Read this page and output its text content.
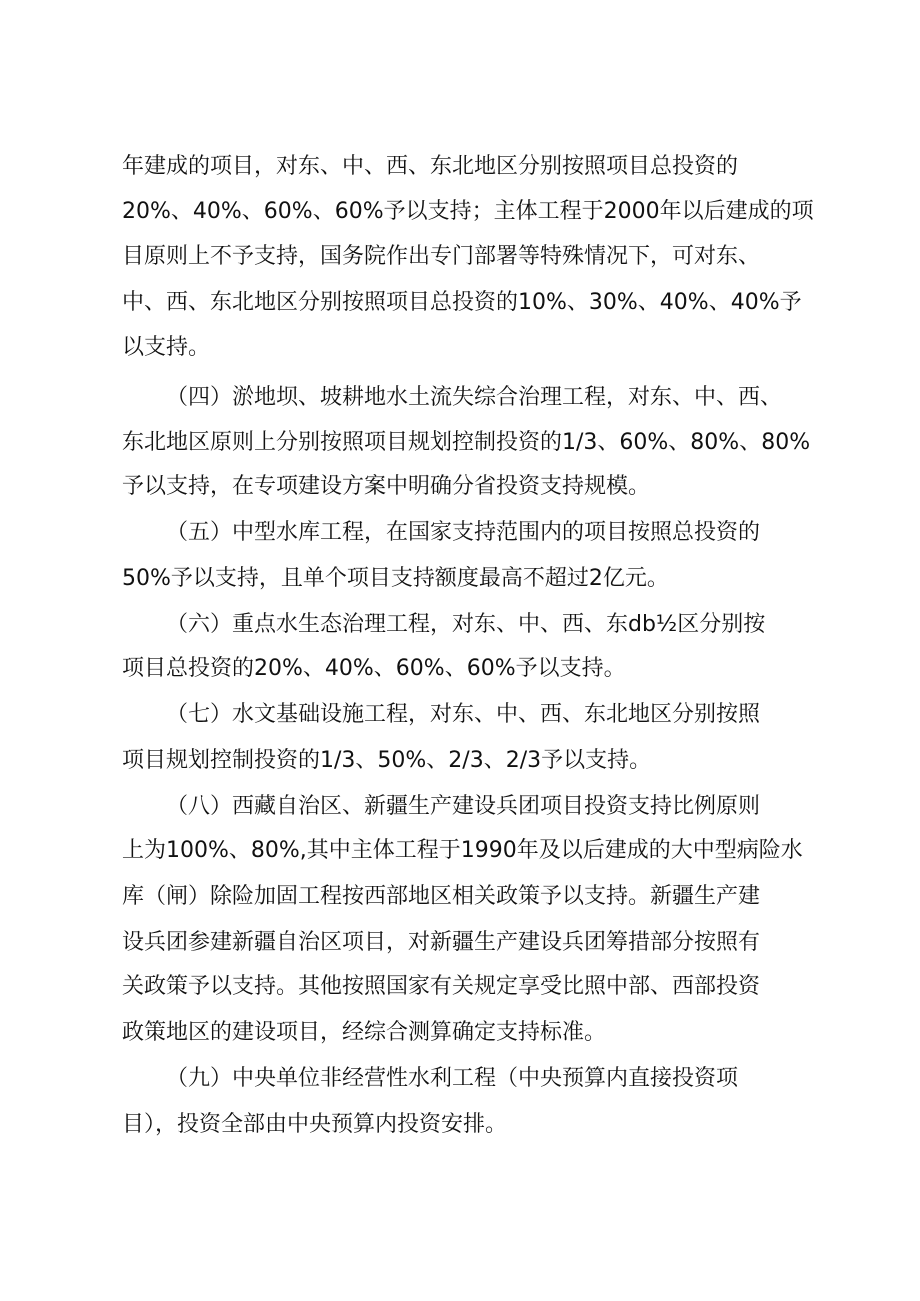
年建成的项目，对东、中、西、东北地区分别按照项目总投资的
20%、40%、60%、60%予以支持；主体工程于2000年以后建成的项
目原则上不予支持，国务院作出专门部署等特殊情况下，可对东、
中、西、东北地区分别按照项目总投资的10%、30%、40%、40%予
以支持。
（四）淤地坝、坡耕地水土流失综合治理工程，对东、中、西、
东北地区原则上分别按照项目规划控制投资的1/3、60%、80%、80%
予以支持，在专项建设方案中明确分省投资支持规模。
（五）中型水库工程，在国家支持范围内的项目按照总投资的
50%予以支持，且单个项目支持额度最高不超过2亿元。
（六）重点水生态治理工程，对东、中、西、东db½区分别按
项目总投资的20%、40%、60%、60%予以支持。
（七）水文基础设施工程，对东、中、西、东北地区分别按照
项目规划控制投资的1/3、50%、2/3、2/3予以支持。
（八）西藏自治区、新疆生产建设兵团项目投资支持比例原则
上为100%、80%,其中主体工程于1990年及以后建成的大中型病险水
库（闸）除险加固工程按西部地区相关政策予以支持。新疆生产建
设兵团参建新疆自治区项目，对新疆生产建设兵团筹措部分按照有
关政策予以支持。其他按照国家有关规定享受比照中部、西部投资
政策地区的建设项目，经综合测算确定支持标准。
（九）中央单位非经营性水利工程（中央预算内直接投资项
目），投资全部由中央预算内投资安排。
